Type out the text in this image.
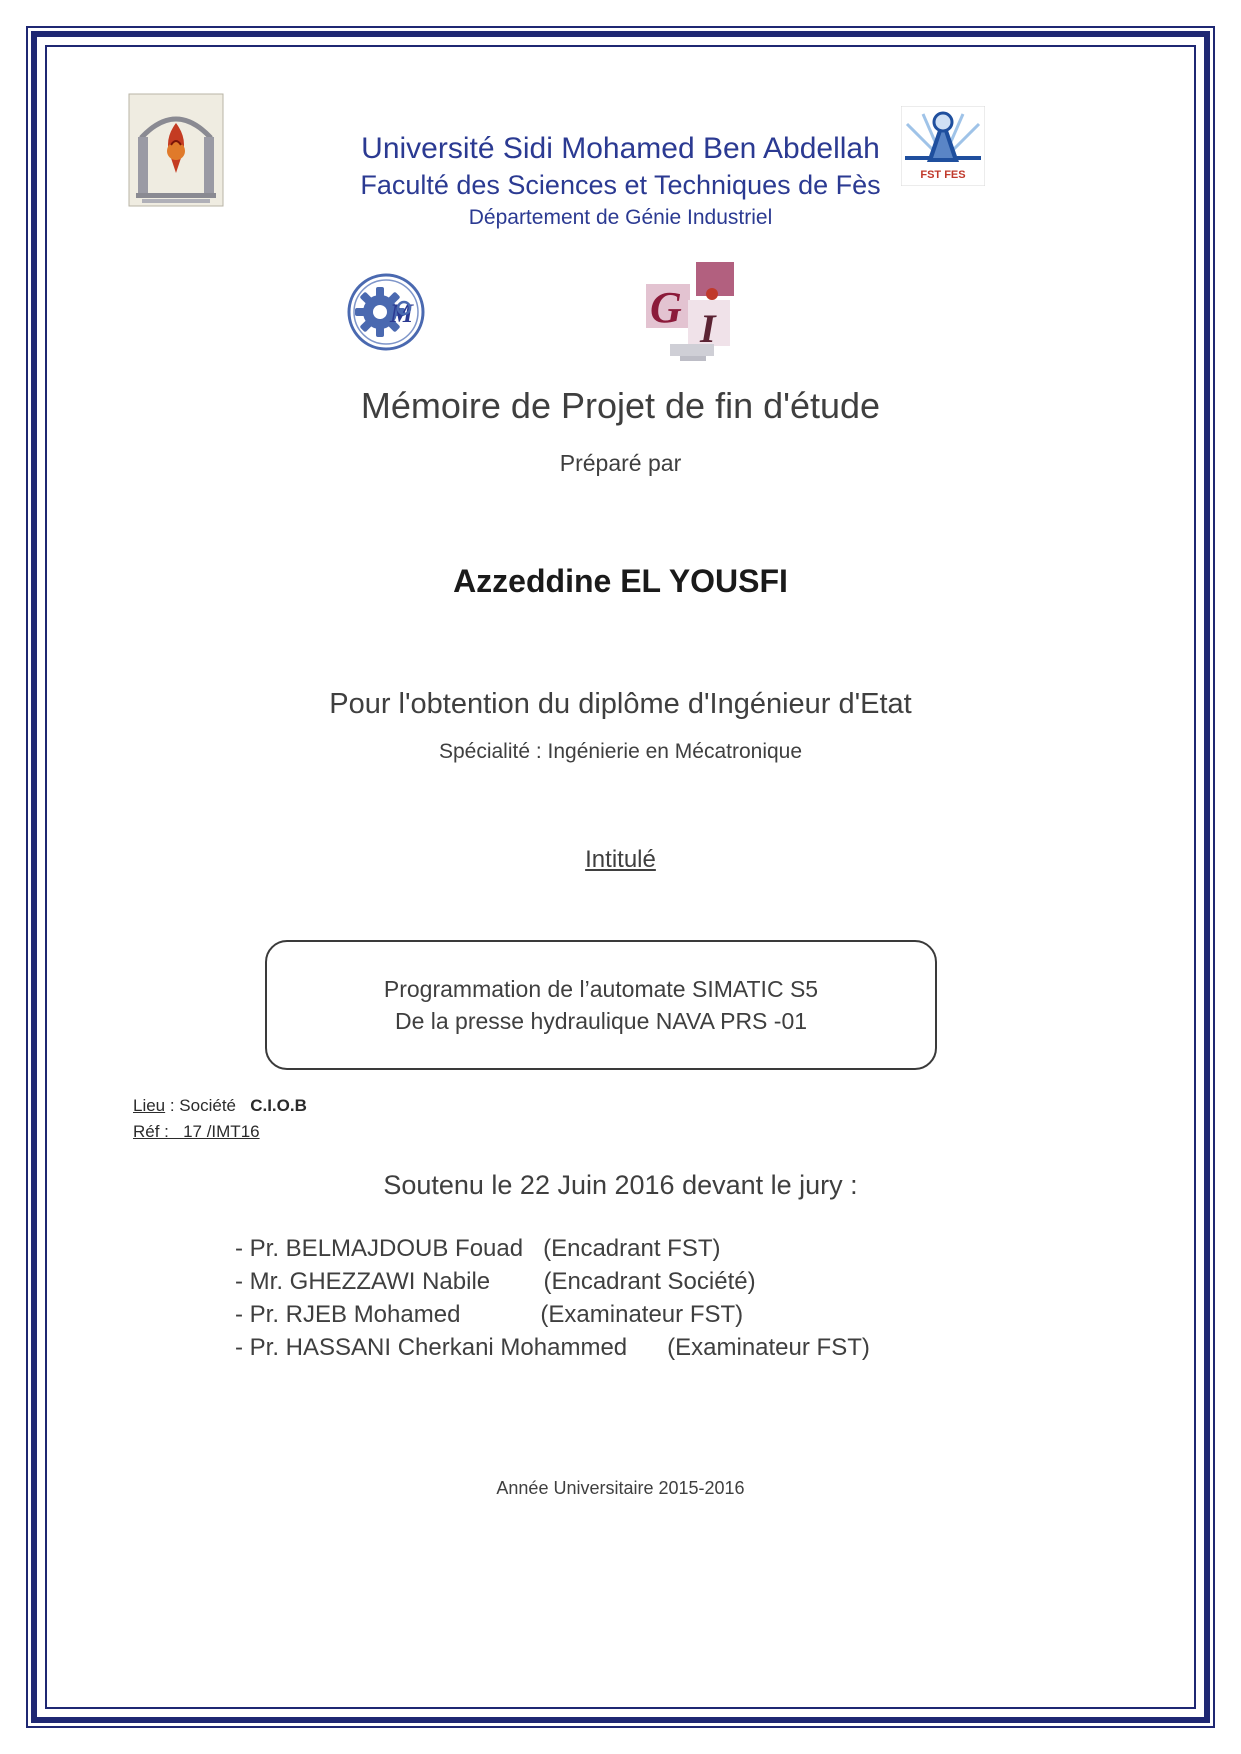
Université Sidi Mohamed Ben Abdellah
Faculté des Sciences et Techniques de Fès
Département de Génie Industriel
FST FES
M	G I
Mémoire de Projet de fin d'étude
Préparé par
Azzeddine EL YOUSFI
Pour l'obtention du diplôme d'Ingénieur d'Etat
Spécialité : Ingénierie en Mécatronique
Intitulé
Programmation de l’automate SIMATIC S5
De la presse hydraulique NAVA PRS -01
Lieu : Société   C.I.O.B
Réf :   17 /IMT16
Soutenu le 22 Juin 2016 devant le jury :
- Pr. BELMAJDOUB Fouad   (Encadrant FST)
- Mr. GHEZZAWI Nabile        (Encadrant Société)
- Pr. RJEB Mohamed            (Examinateur FST)
- Pr. HASSANI Cherkani Mohammed      (Examinateur FST)
Année Universitaire 2015-2016
